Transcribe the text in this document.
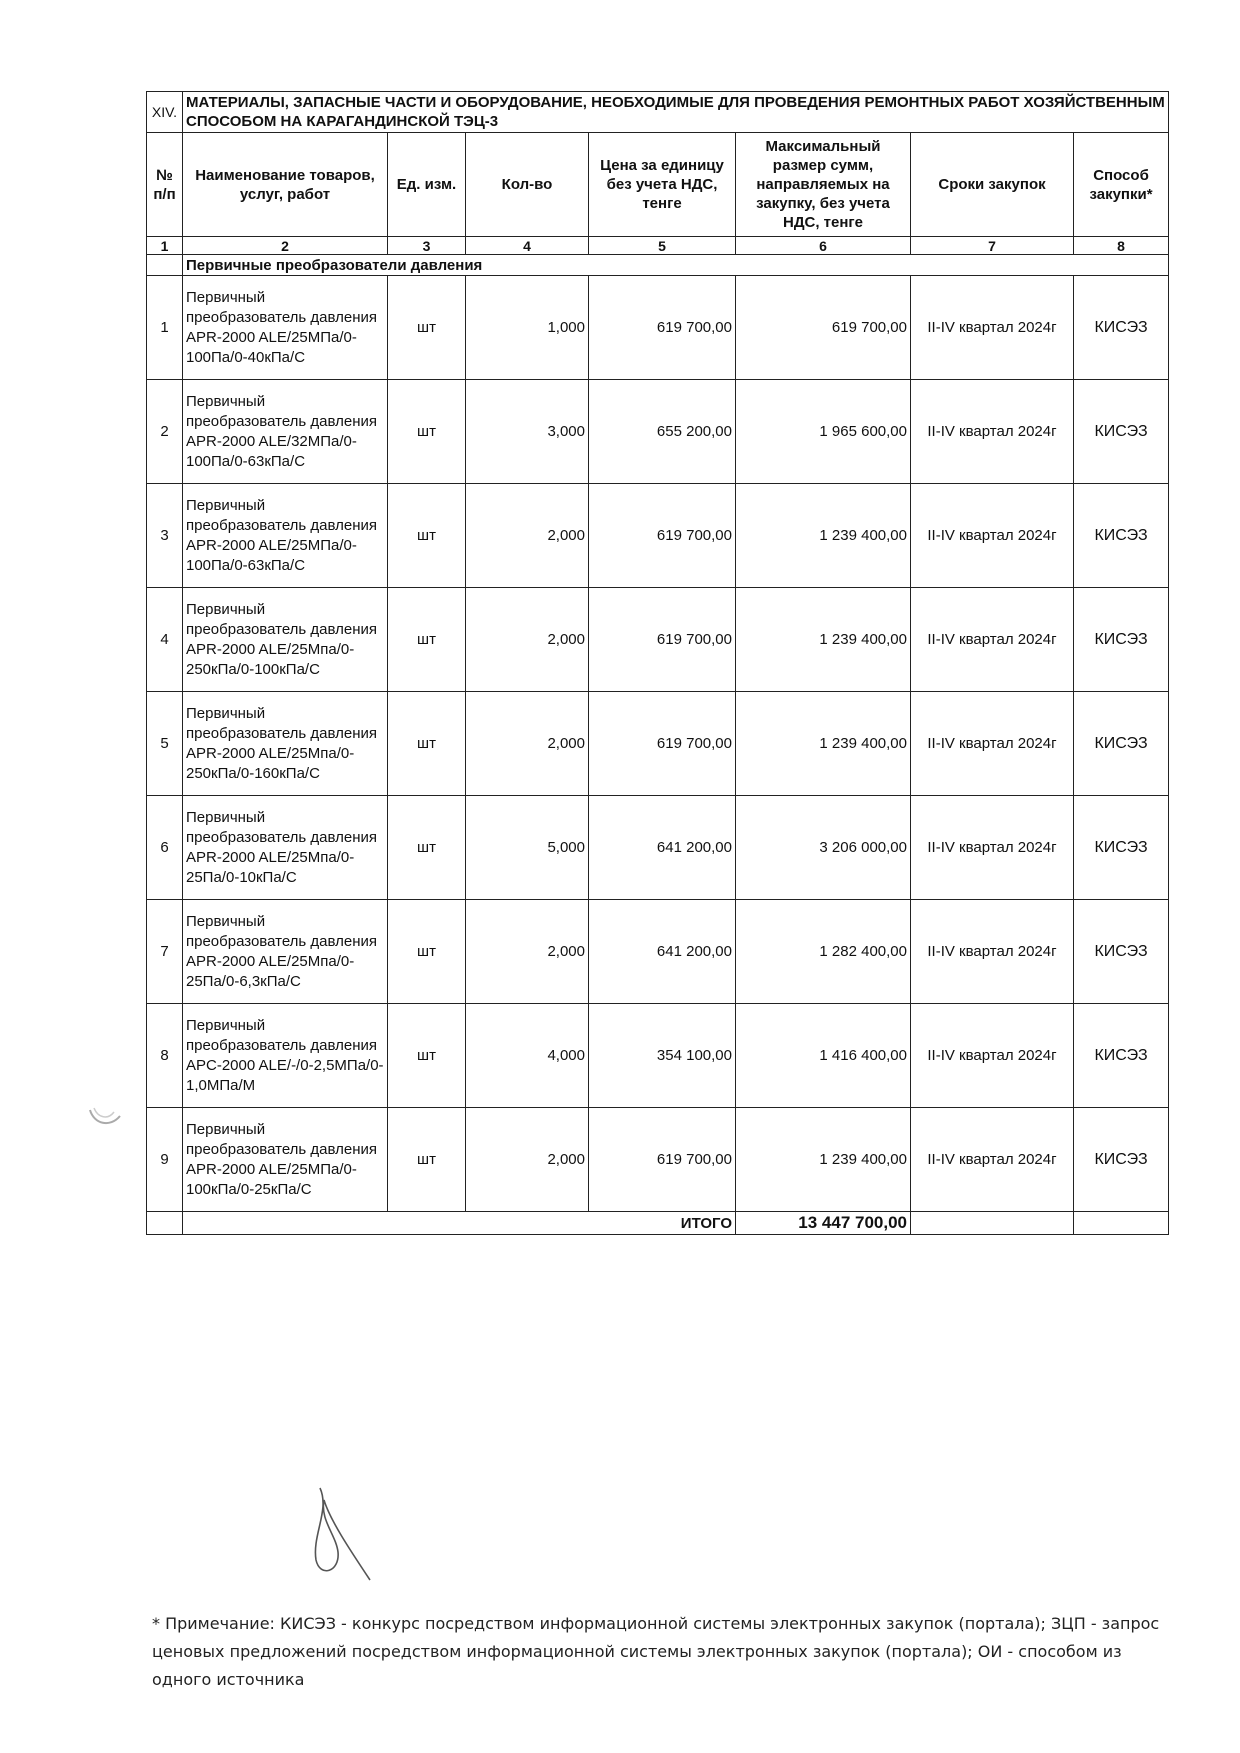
XIV.	МАТЕРИАЛЫ, ЗАПАСНЫЕ ЧАСТИ И ОБОРУДОВАНИЕ, НЕОБХОДИМЫЕ ДЛЯ ПРОВЕДЕНИЯ РЕМОНТНЫХ РАБОТ ХОЗЯЙСТВЕННЫМ СПОСОБОМ НА КАРАГАНДИНСКОЙ ТЭЦ-3						
№ п/п	Наименование товаров, услуг, работ	Ед. изм.	Кол-во	Цена за единицу без учета НДС, тенге	Максимальный размер сумм, направляемых на закупку, без учета НДС, тенге	Сроки закупок	Способ закупки*
1	2	3	4	5	6	7	8
	Первичные преобразователи давления						
1	Первичный преобразователь давления APR-2000 ALE/25МПа/0-100Па/0-40кПа/С	шт	1,000	619 700,00	619 700,00	II-IV квартал 2024г	КИСЭЗ
2	Первичный преобразователь давления APR-2000 ALE/32МПа/0-100Па/0-63кПа/С	шт	3,000	655 200,00	1 965 600,00	II-IV квартал 2024г	КИСЭЗ
3	Первичный преобразователь давления APR-2000 ALE/25МПа/0-100Па/0-63кПа/С	шт	2,000	619 700,00	1 239 400,00	II-IV квартал 2024г	КИСЭЗ
4	Первичный преобразователь давления APR-2000 ALE/25Мпа/0-250кПа/0-100кПа/С	шт	2,000	619 700,00	1 239 400,00	II-IV квартал 2024г	КИСЭЗ
5	Первичный преобразователь давления APR-2000 ALE/25Мпа/0-250кПа/0-160кПа/С	шт	2,000	619 700,00	1 239 400,00	II-IV квартал 2024г	КИСЭЗ
6	Первичный преобразователь давления APR-2000 ALE/25Мпа/0-25Па/0-10кПа/С	шт	5,000	641 200,00	3 206 000,00	II-IV квартал 2024г	КИСЭЗ
7	Первичный преобразователь давления APR-2000 ALE/25Мпа/0-25Па/0-6,3кПа/С	шт	2,000	641 200,00	1 282 400,00	II-IV квартал 2024г	КИСЭЗ
8	Первичный преобразователь давления APC-2000 ALE/-/0-2,5МПа/0-1,0МПа/М	шт	4,000	354 100,00	1 416 400,00	II-IV квартал 2024г	КИСЭЗ
9	Первичный преобразователь давления APR-2000 ALE/25МПа/0-100кПа/0-25кПа/С	шт	2,000	619 700,00	1 239 400,00	II-IV квартал 2024г	КИСЭЗ
	ИТОГО				13 447 700,00		
* Примечание: КИСЭЗ - конкурс посредством информационной системы электронных закупок (портала); ЗЦП - запрос ценовых предложений посредством информационной системы электронных закупок (портала); ОИ - способом из одного источника
